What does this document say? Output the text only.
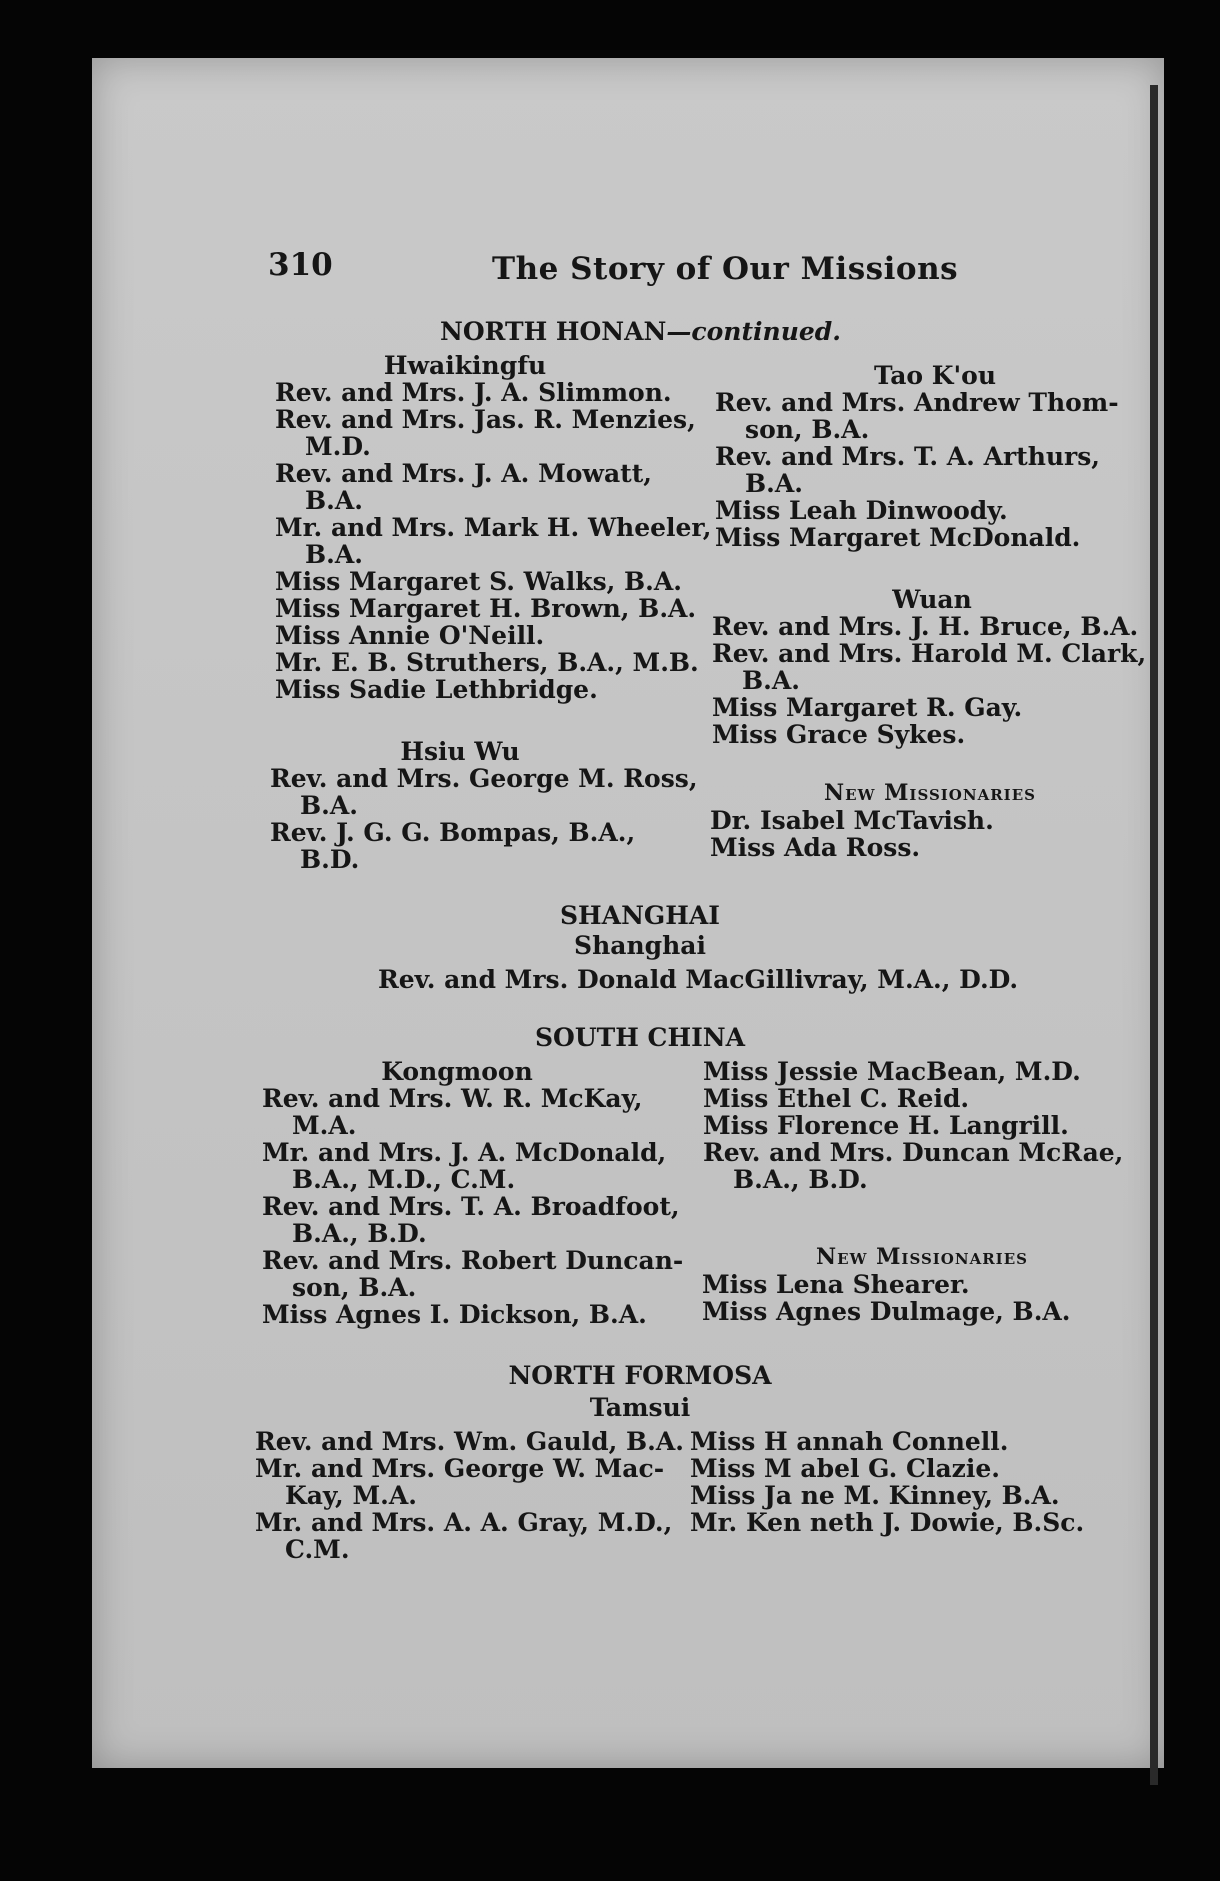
310	The Story of Our Missions
NORTH HONAN—continued.
Hwaikingfu
Rev. and Mrs. J. A. Slimmon.
Rev. and Mrs. Jas. R. Menzies,
M.D.
Rev. and Mrs. J. A. Mowatt,
B.A.
Mr. and Mrs. Mark H. Wheeler,
B.A.
Miss Margaret S. Walks, B.A.
Miss Margaret H. Brown, B.A.
Miss Annie O'Neill.
Mr. E. B. Struthers, B.A., M.B.
Miss Sadie Lethbridge.
Hsiu Wu
Rev. and Mrs. George M. Ross,
B.A.
Rev. J. G. G. Bompas, B.A.,
B.D.
Tao K'ou
Rev. and Mrs. Andrew Thom-
son, B.A.
Rev. and Mrs. T. A. Arthurs,
B.A.
Miss Leah Dinwoody.
Miss Margaret McDonald.
Wuan
Rev. and Mrs. J. H. Bruce, B.A.
Rev. and Mrs. Harold M. Clark,
B.A.
Miss Margaret R. Gay.
Miss Grace Sykes.
New Missionaries
Dr. Isabel McTavish.
Miss Ada Ross.
SHANGHAI
Shanghai
Rev. and Mrs. Donald MacGillivray, M.A., D.D.
SOUTH CHINA
Kongmoon
Rev. and Mrs. W. R. McKay,
M.A.
Mr. and Mrs. J. A. McDonald,
B.A., M.D., C.M.
Rev. and Mrs. T. A. Broadfoot,
B.A., B.D.
Rev. and Mrs. Robert Duncan-
son, B.A.
Miss Agnes I. Dickson, B.A.
Miss Jessie MacBean, M.D.
Miss Ethel C. Reid.
Miss Florence H. Langrill.
Rev. and Mrs. Duncan McRae,
B.A., B.D.
New Missionaries
Miss Lena Shearer.
Miss Agnes Dulmage, B.A.
NORTH FORMOSA
Tamsui
Rev. and Mrs. Wm. Gauld, B.A.
Mr. and Mrs. George W. Mac-
Kay, M.A.
Mr. and Mrs. A. A. Gray, M.D.,
C.M.
Miss H annah Connell.
Miss M abel G. Clazie.
Miss Ja ne M. Kinney, B.A.
Mr. Ken neth J. Dowie, B.Sc.
